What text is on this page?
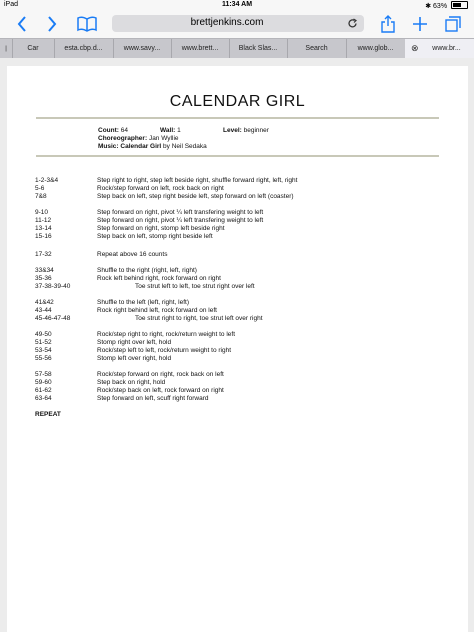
iPad	11:34 AM	✱ 63%
brettjenkins.com
|	Car	esta.cbp.d...	www.savy...	www.brett...	Black Slas...	Search	www.glob... ⊗ www.br...
CALENDAR GIRL
Count: 64	Wall: 1	Level: beginner
Choreographer: Jan Wyllie
Music: Calendar Girl by Neil Sedaka
1-2-3&4	Step right to right, step left beside right, shuffle forward right, left, right
5-6	Rock/step forward on left, rock back on right
7&8	Step back on left, step right beside left, step forward on left (coaster)
9-10	Step forward on right, pivot ¼ left transfering weight to left
11-12	Step forward on right, pivot ¼ left transfering weight to left
13-14	Step forward on right, stomp left beside right
15-16	Step back on left, stomp right beside left
17-32	Repeat above 16 counts
33&34	Shuffle to the right (right, left, right)
35-36	Rock left behind right, rock forward on right
37-38-39-40	Toe strut left to left, toe strut right over left
41&42	Shuffle to the left (left, right, left)
43-44	Rock right behind left, rock forward on left
45-46-47-48	Toe strut right to right, toe strut left over right
49-50	Rock/step right to right, rock/return weight to left
51-52	Stomp right over left, hold
53-54	Rock/step left to left, rock/return weight to right
55-56	Stomp left over right, hold
57-58	Rock/step forward on right, rock back on left
59-60	Step back on right, hold
61-62	Rock/step back on left, rock forward on right
63-64	Step forward on left, scuff right forward
REPEAT
